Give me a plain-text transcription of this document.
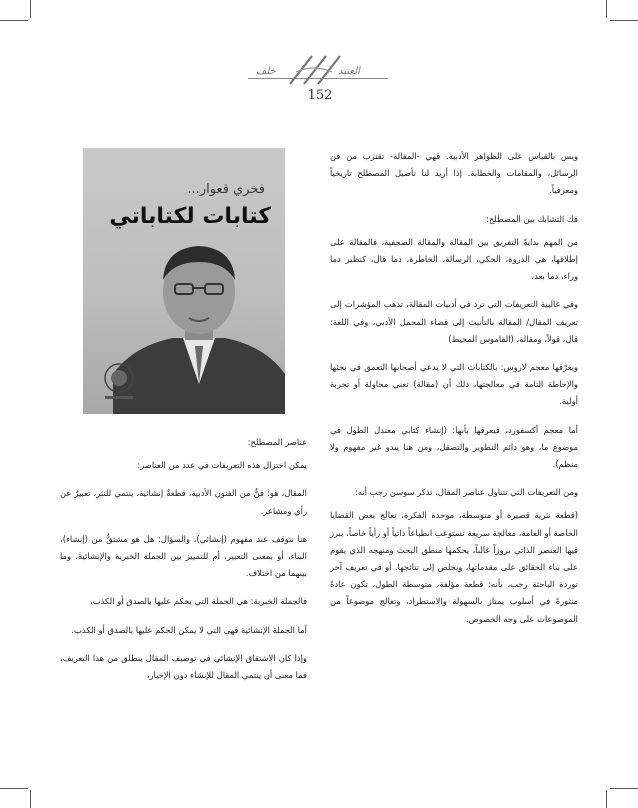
خلف	العنيد
152

ويس بالقياس على الظواهر الأدبية. فهي -المقالة- تقترب من فن الرسائل، والمقامات والخطابة. إذا أريد لنا تأصيل المصطلح تاريخياً ومعرفياً.

فك التشابك بين المصطلح:

من المهم بدايةً التفريق بين المقالة والمقالة الصحفية، فالمقالة على إطلاقها، هي الذروة، الحكي، الرسالة، الخاطرة، دما قال، كنظير دما وراء، دما بعد،

وفي غالبية التعريفات التي ترد في أدبيات المقالة، تذهب المؤشرات إلى تعريف المقال/ المقالة بالتأنيث إلى فضاء المحمل الأدبي، وفي اللغة: قال، قولاً، ومقالة، (القاموس المحيط)

ويعرّفها معجم لاروس: بالكتابات التي لا يدعي أصحابها التعمق في بحثها والإحاطة التامة في معالجتها، ذلك أن (مقالة) تعني محاولة أو تجربة أولية.

أما معجم أكسفورد، فيعرفها بأنها: (إنشاء كتابي معتدل الطول في موضوع ما، وهو دائم التطوير والتصقل، ومن هنا يبدو غير مفهوم ولا منظم).

ومن التعريفات التي تتناول عناصر المقال، تذكر سوسن رجب أنه:

(قطعة نثرية قصيرة أو متوسطة، موحدة الفكرة، تعالج بعض القضايا الخاصة أو العامة، معالجة سريعة تستوعب انطباعاً ذاتياً أو رأياً خاصاً، يبرز فيها العنصر الذاتي بروزاً غالباً، يحكمها منطق البحث ومنهجه الذي يقوم على بناء الحقائق على مقدماتها، ويخلص إلى نتائجها. أو في تعريف آخر توردة الباحثة رجب، بأنه: قطعة مؤلفة، متوسطة الطول، تكون عادةً منثورةً في أسلوب يمتاز بالسهولة والاستطراد، وتعالج موضوعاً من الموضوعات على وجه الخصوص.

فخري قعوار...
كتابات لكتاباتي

عناصر المصطلح:

يمكن اختزال هذه التعريفات في عدد من العناصر:

المقال، هو: فنٌّ من الفنون الأدبية، قطعةٌ إنشائية، ينتمي للنثر، تعبيرٌ عن رأي ومشاعر.

هنا نتوقف عند مفهوم (إنشائي)، والسؤال: هل هو مشتقٌّ من (إنشاء)، البناء، أو بمعنى التعبير، أم للتمييز بين الجملة الخبرية والإنشائية، وما بينهما من اختلاف.

فالجملة الخبرية: هي الجملة التي يحكم عليها بالصدق أو الكذب،

أما الجملة الإنشائية فهي التي لا يمكن الحكم عليها بالصدق أو الكذب.

وإذا كان الاشتقاق الإنشائي في توصيف المقال ينطلق من هذا التعريف، فما معنى أن ينتمي المقال للإنشاء دون الإخبار،
